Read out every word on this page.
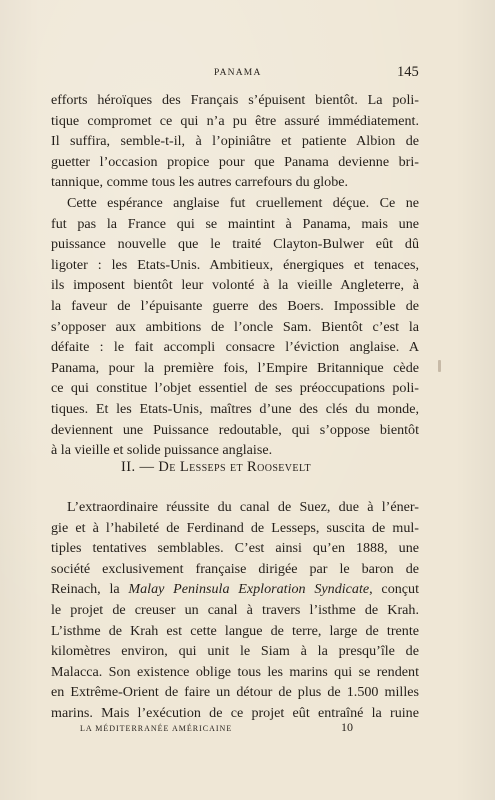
PANAMA	145
efforts héroïques des Français s’épuisent bientôt. La poli-
tique compromet ce qui n’a pu être assuré immédiatement.
Il suffira, semble-t-il, à l’opiniâtre et patiente Albion de
guetter l’occasion propice pour que Panama devienne bri-
tannique, comme tous les autres carrefours du globe.
Cette espérance anglaise fut cruellement déçue. Ce ne
fut pas la France qui se maintint à Panama, mais une
puissance nouvelle que le traité Clayton-Bulwer eût dû
ligoter : les Etats-Unis. Ambitieux, énergiques et tenaces,
ils imposent bientôt leur volonté à la vieille Angleterre, à
la faveur de l’épuisante guerre des Boers. Impossible de
s’opposer aux ambitions de l’oncle Sam. Bientôt c’est la
défaite : le fait accompli consacre l’éviction anglaise. A
Panama, pour la première fois, l’Empire Britannique cède
ce qui constitue l’objet essentiel de ses préoccupations poli-
tiques. Et les Etats-Unis, maîtres d’une des clés du monde,
deviennent une Puissance redoutable, qui s’oppose bientôt
à la vieille et solide puissance anglaise.
II. — De Lesseps et Roosevelt
L’extraordinaire réussite du canal de Suez, due à l’éner-
gie et à l’habileté de Ferdinand de Lesseps, suscita de mul-
tiples tentatives semblables. C’est ainsi qu’en 1888, une
société exclusivement française dirigée par le baron de
Reinach, la Malay Peninsula Exploration Syndicate, conçut
le projet de creuser un canal à travers l’isthme de Krah.
L’isthme de Krah est cette langue de terre, large de trente
kilomètres environ, qui unit le Siam à la presqu’île de
Malacca. Son existence oblige tous les marins qui se rendent
en Extrême-Orient de faire un détour de plus de 1.500 milles
marins. Mais l’exécution de ce projet eût entraîné la ruine
LA MÉDITERRANÉE AMÉRICAINE	10
